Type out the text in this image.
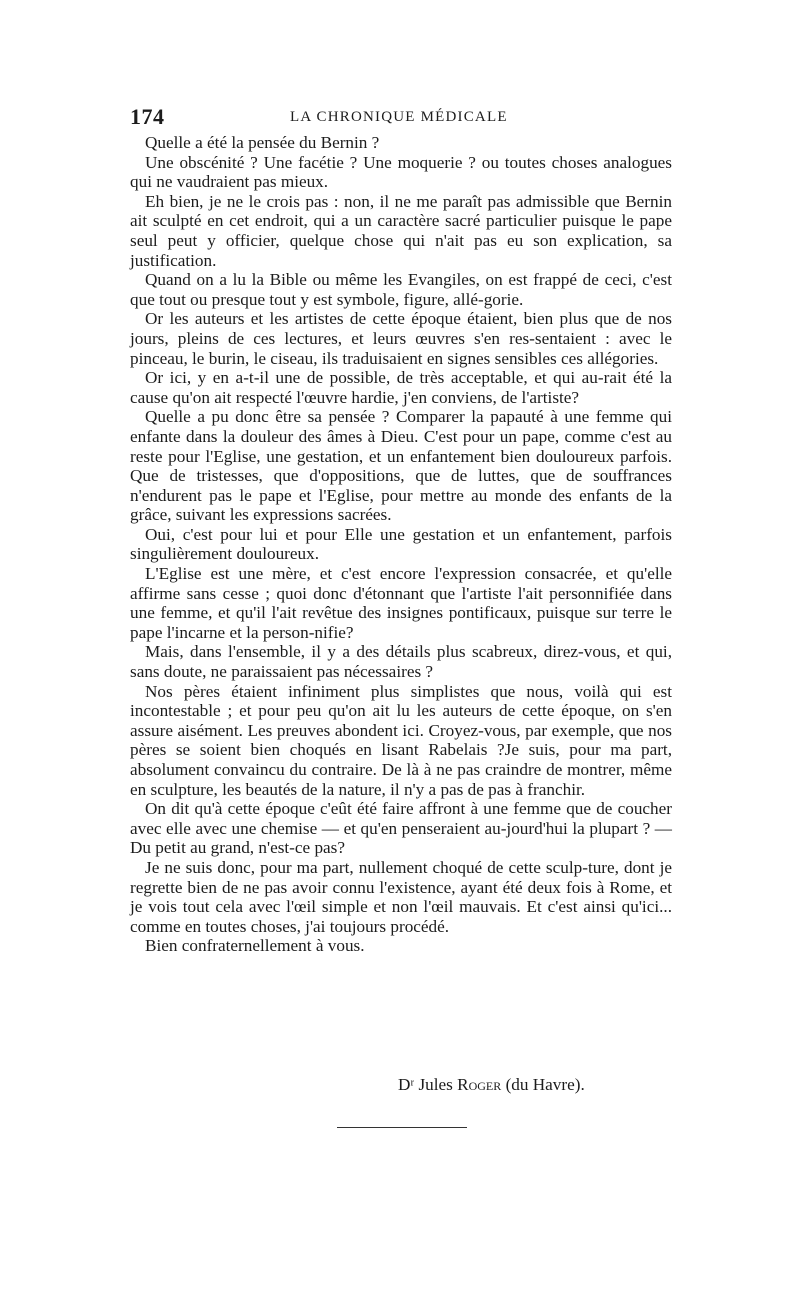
174	LA CHRONIQUE MÉDICALE

Quelle a été la pensée du Bernin ?

Une obscénité ? Une facétie ? Une moquerie ? ou toutes choses analogues qui ne vaudraient pas mieux.

Eh bien, je ne le crois pas : non, il ne me paraît pas admissible que Bernin ait sculpté en cet endroit, qui a un caractère sacré particulier puisque le pape seul peut y officier, quelque chose qui n'ait pas eu son explication, sa justification.

Quand on a lu la Bible ou même les Evangiles, on est frappé de ceci, c'est que tout ou presque tout y est symbole, figure, allé-gorie.

Or les auteurs et les artistes de cette époque étaient, bien plus que de nos jours, pleins de ces lectures, et leurs œuvres s'en res-sentaient : avec le pinceau, le burin, le ciseau, ils traduisaient en signes sensibles ces allégories.

Or ici, y en a-t-il une de possible, de très acceptable, et qui au-rait été la cause qu'on ait respecté l'œuvre hardie, j'en conviens, de l'artiste?

Quelle a pu donc être sa pensée ? Comparer la papauté à une femme qui enfante dans la douleur des âmes à Dieu. C'est pour un pape, comme c'est au reste pour l'Eglise, une gestation, et un enfantement bien douloureux parfois. Que de tristesses, que d'oppositions, que de luttes, que de souffrances n'endurent pas le pape et l'Eglise, pour mettre au monde des enfants de la grâce, suivant les expressions sacrées.

Oui, c'est pour lui et pour Elle une gestation et un enfantement, parfois singulièrement douloureux.

L'Eglise est une mère, et c'est encore l'expression consacrée, et qu'elle affirme sans cesse ; quoi donc d'étonnant que l'artiste l'ait personnifiée dans une femme, et qu'il l'ait revêtue des insignes pontificaux, puisque sur terre le pape l'incarne et la person-nifie?

Mais, dans l'ensemble, il y a des détails plus scabreux, direz-vous, et qui, sans doute, ne paraissaient pas nécessaires ?

Nos pères étaient infiniment plus simplistes que nous, voilà qui est incontestable ; et pour peu qu'on ait lu les auteurs de cette époque, on s'en assure aisément. Les preuves abondent ici. Croyez-vous, par exemple, que nos pères se soient bien choqués en lisant Rabelais ?Je suis, pour ma part, absolument convaincu du contraire. De là à ne pas craindre de montrer, même en sculpture, les beautés de la nature, il n'y a pas de pas à franchir.

On dit qu'à cette époque c'eût été faire affront à une femme que de coucher avec elle avec une chemise — et qu'en penseraient au-jourd'hui la plupart ? — Du petit au grand, n'est-ce pas?

Je ne suis donc, pour ma part, nullement choqué de cette sculp-ture, dont je regrette bien de ne pas avoir connu l'existence, ayant été deux fois à Rome, et je vois tout cela avec l'œil simple et non l'œil mauvais. Et c'est ainsi qu'ici... comme en toutes choses, j'ai toujours procédé.

Bien confraternellement à vous.

Dʳ Jules Roger (du Havre).
